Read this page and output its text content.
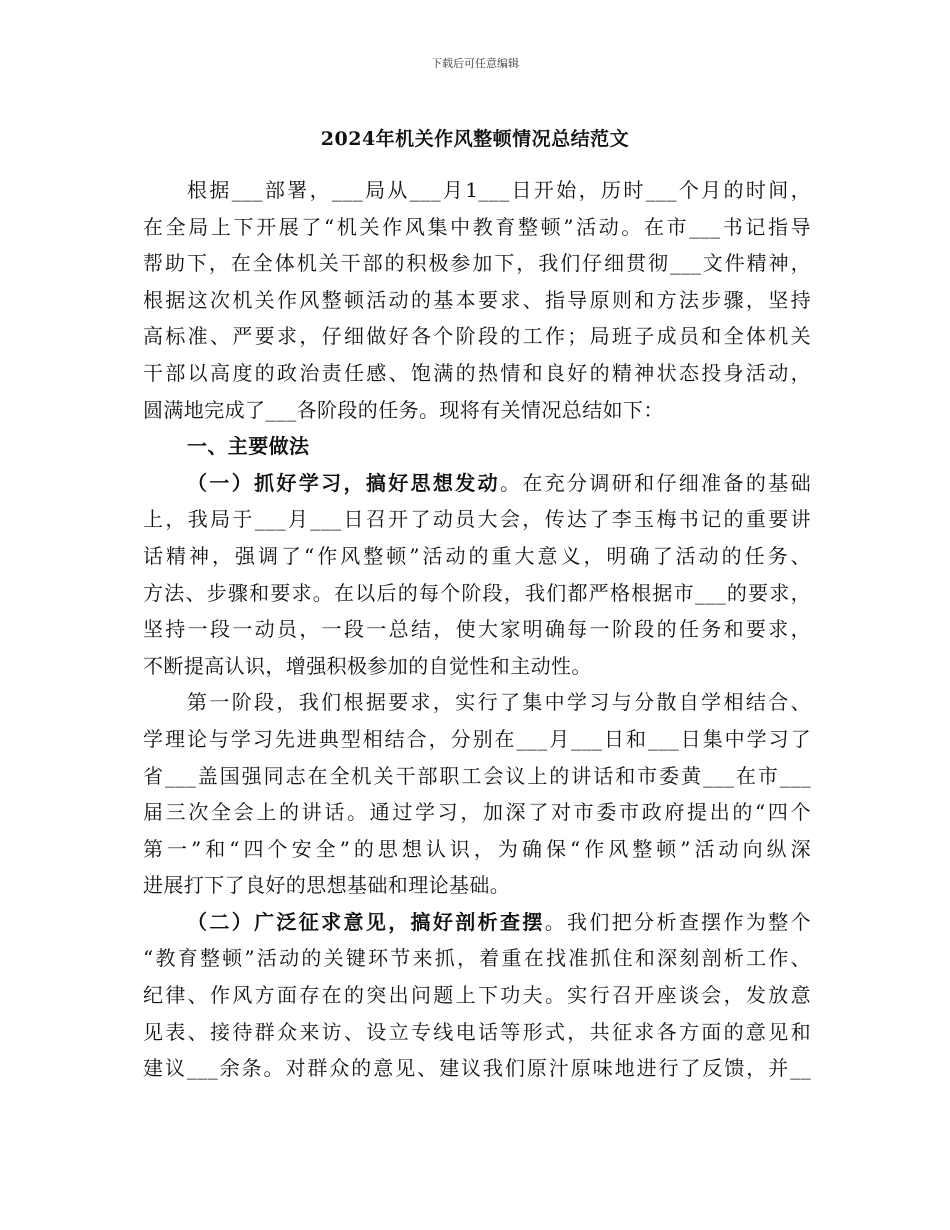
下载后可任意编辑
2024年机关作风整顿情况总结范文
根据___部署，___局从___月1___日开始，历时___个月的时间，
在全局上下开展了“机关作风集中教育整顿”活动。在市___书记指导
帮助下，在全体机关干部的积极参加下，我们仔细贯彻___文件精神，
根据这次机关作风整顿活动的基本要求、指导原则和方法步骤，坚持
高标准、严要求，仔细做好各个阶段的工作；局班子成员和全体机关
干部以高度的政治责任感、饱满的热情和良好的精神状态投身活动，
圆满地完成了___各阶段的任务。现将有关情况总结如下：
一、主要做法
（一）抓好学习，搞好思想发动。在充分调研和仔细准备的基础
上，我局于___月___日召开了动员大会，传达了李玉梅书记的重要讲
话精神，强调了“作风整顿”活动的重大意义，明确了活动的任务、
方法、步骤和要求。在以后的每个阶段，我们都严格根据市___的要求，
坚持一段一动员，一段一总结，使大家明确每一阶段的任务和要求，
不断提高认识，增强积极参加的自觉性和主动性。
第一阶段，我们根据要求，实行了集中学习与分散自学相结合、
学理论与学习先进典型相结合，分别在___月___日和___日集中学习了
省___盖国强同志在全机关干部职工会议上的讲话和市委黄___在市___
届三次全会上的讲话。通过学习，加深了对市委市政府提出的“四个
第一”和“四个安全”的思想认识，为确保“作风整顿”活动向纵深
进展打下了良好的思想基础和理论基础。
（二）广泛征求意见，搞好剖析查摆。我们把分析查摆作为整个
“教育整顿”活动的关键环节来抓，着重在找准抓住和深刻剖析工作、
纪律、作风方面存在的突出问题上下功夫。实行召开座谈会，发放意
见表、接待群众来访、设立专线电话等形式，共征求各方面的意见和
建议___余条。对群众的意见、建议我们原汁原味地进行了反馈，并__
